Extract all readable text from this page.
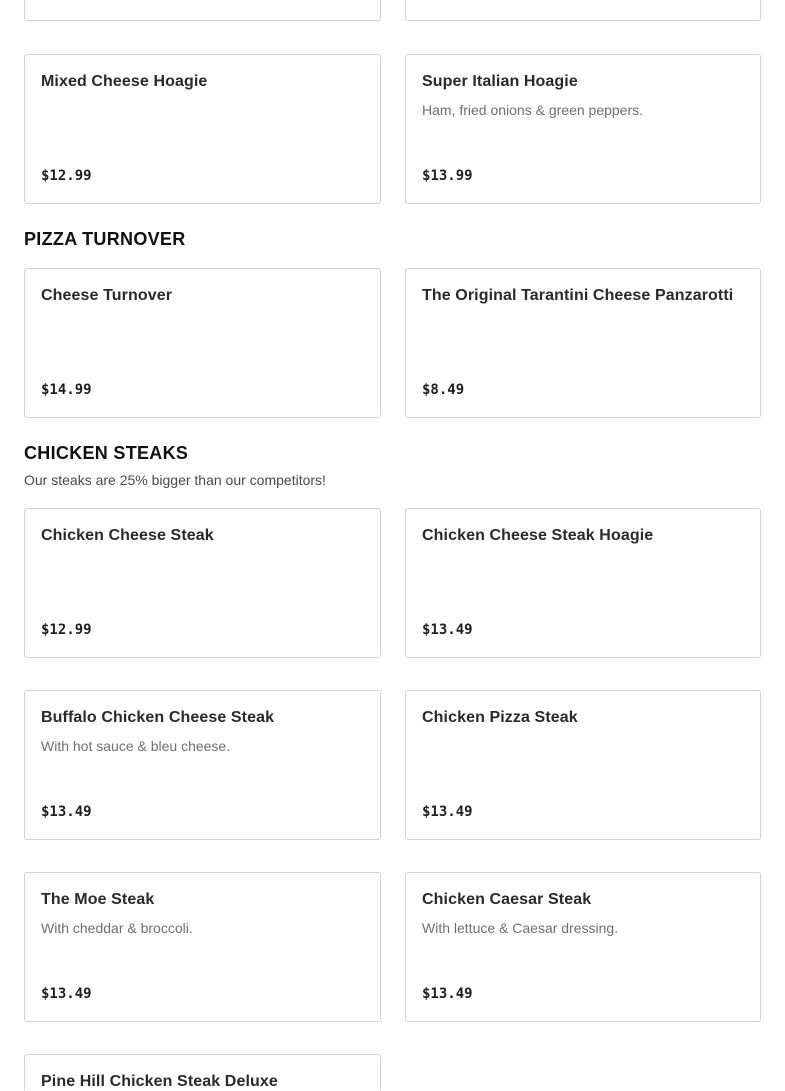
Mixed Cheese Hoagie
$12.99
Super Italian Hoagie
Ham, fried onions & green peppers.
$13.99
PIZZA TURNOVER
Cheese Turnover
$14.99
The Original Tarantini Cheese Panzarotti
$8.49
CHICKEN STEAKS
Our steaks are 25% bigger than our competitors!
Chicken Cheese Steak
$12.99
Chicken Cheese Steak Hoagie
$13.49
Buffalo Chicken Cheese Steak
With hot sauce & bleu cheese.
$13.49
Chicken Pizza Steak
$13.49
The Moe Steak
With cheddar & broccoli.
$13.49
Chicken Caesar Steak
With lettuce & Caesar dressing.
$13.49
Pine Hill Chicken Steak Deluxe
